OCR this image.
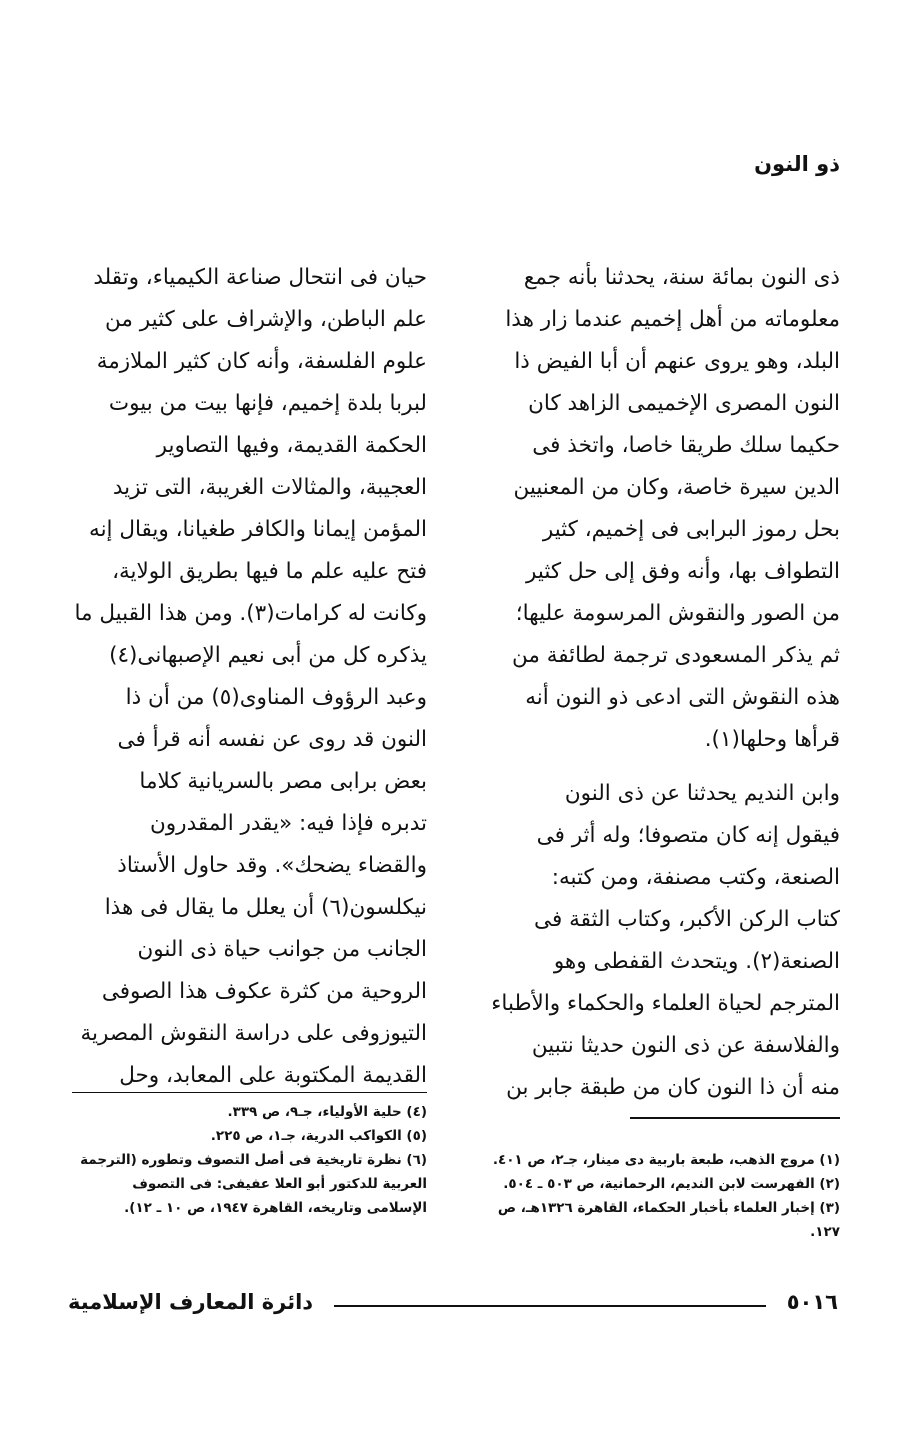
ذو النون

ذى النون بمائة سنة، يحدثنا بأنه جمع
معلوماته من أهل إخميم عندما زار هذا
البلد، وهو يروى عنهم أن أبا الفيض ذا
النون المصرى الإخميمى الزاهد كان
حكيما سلك طريقا خاصا، واتخذ فى
الدين سيرة خاصة، وكان من المعنيين
بحل رموز البرابى فى إخميم، كثير
التطواف بها، وأنه وفق إلى حل كثير
من الصور والنقوش المرسومة عليها؛
ثم يذكر المسعودى ترجمة لطائفة من
هذه النقوش التى ادعى ذو النون أنه
قرأها وحلها(١).

وابن النديم يحدثنا عن ذى النون
فيقول إنه كان متصوفا؛ وله أثر فى
الصنعة، وكتب مصنفة، ومن كتبه:
كتاب الركن الأكبر، وكتاب الثقة فى
الصنعة(٢). ويتحدث القفطى وهو
المترجم لحياة العلماء والحكماء والأطباء
والفلاسفة عن ذى النون حديثا نتبين
منه أن ذا النون كان من طبقة جابر بن

حيان فى انتحال صناعة الكيمياء، وتقلد
علم الباطن، والإشراف على كثير من
علوم الفلسفة، وأنه كان كثير الملازمة
لبربا بلدة إخميم، فإنها بيت من بيوت
الحكمة القديمة، وفيها التصاوير
العجيبة، والمثالات الغريبة، التى تزيد
المؤمن إيمانا والكافر طغيانا، ويقال إنه
فتح عليه علم ما فيها بطريق الولاية،
وكانت له كرامات(٣). ومن هذا القبيل ما
يذكره كل من أبى نعيم الإصبهانى(٤)
وعبد الرؤوف المناوى(٥) من أن ذا
النون قد روى عن نفسه أنه قرأ فى
بعض برابى مصر بالسريانية كلاما
تدبره فإذا فيه: «يقدر المقدرون
والقضاء يضحك». وقد حاول الأستاذ
نيكلسون(٦) أن يعلل ما يقال فى هذا
الجانب من جوانب حياة ذى النون
الروحية من كثرة عكوف هذا الصوفى
التيوزوفى على دراسة النقوش المصرية
القديمة المكتوبة على المعابد، وحل

(١) مروج الذهب، طبعة باربية دى مينار، جـ٢، ص ٤٠١.
(٢) الفهرست لابن النديم، الرحمانية، ص ٥٠٣ ـ ٥٠٤.
(٣) إخبار العلماء بأخبار الحكماء، القاهرة ١٣٢٦هـ، ص ١٢٧.
(٤) حلية الأولياء، جـ٩، ص ٣٣٩.
(٥) الكواكب الدرية، جـ١، ص ٢٢٥.
(٦) نظرة تاريخية فى أصل التصوف وتطوره (الترجمة العربية للدكتور أبو العلا عفيفى: فى التصوف الإسلامى وتاريخه، القاهرة ١٩٤٧، ص ١٠ ـ ١٢).
٥٠١٦
دائرة المعارف الإسلامية
